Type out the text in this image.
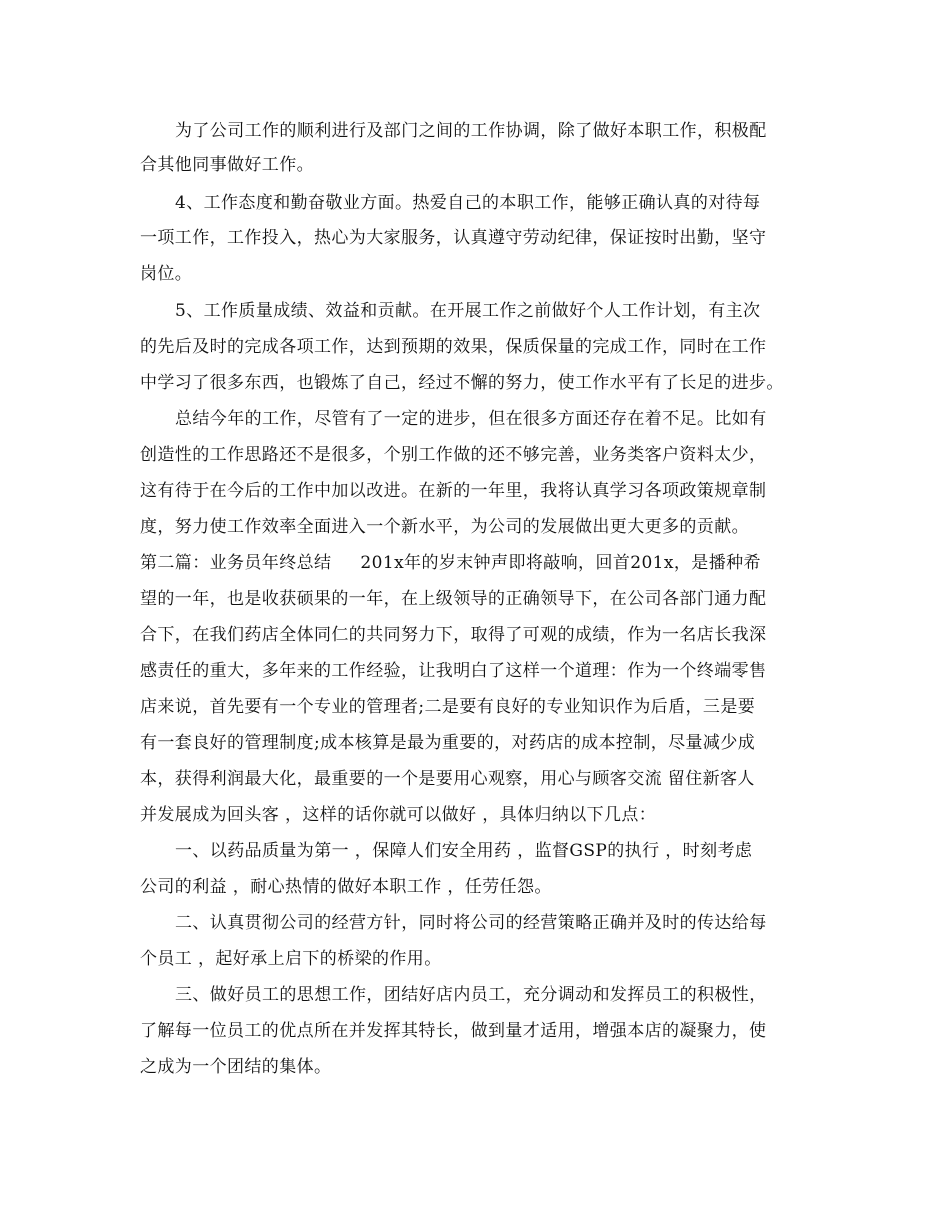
为了公司工作的顺利进行及部门之间的工作协调，除了做好本职工作，积极配
合其他同事做好工作。
4、工作态度和勤奋敬业方面。热爱自己的本职工作，能够正确认真的对待每
一项工作，工作投入，热心为大家服务，认真遵守劳动纪律，保证按时出勤，坚守
岗位。
5、工作质量成绩、效益和贡献。在开展工作之前做好个人工作计划，有主次
的先后及时的完成各项工作，达到预期的效果，保质保量的完成工作，同时在工作
中学习了很多东西，也锻炼了自己，经过不懈的努力，使工作水平有了长足的进步。
总结今年的工作，尽管有了一定的进步，但在很多方面还存在着不足。比如有
创造性的工作思路还不是很多，个别工作做的还不够完善，业务类客户资料太少，
这有待于在今后的工作中加以改进。在新的一年里，我将认真学习各项政策规章制
度，努力使工作效率全面进入一个新水平，为公司的发展做出更大更多的贡献。
第二篇：业务员年终总结     201x年的岁末钟声即将敲响，回首201x，是播种希
望的一年，也是收获硕果的一年，在上级领导的正确领导下，在公司各部门通力配
合下，在我们药店全体同仁的共同努力下，取得了可观的成绩，作为一名店长我深
感责任的重大，多年来的工作经验，让我明白了这样一个道理：作为一个终端零售
店来说，首先要有一个专业的管理者;二是要有良好的专业知识作为后盾，三是要
有一套良好的管理制度;成本核算是最为重要的，对药店的成本控制，尽量减少成
本，获得利润最大化，最重要的一个是要用心观察，用心与顾客交流 留住新客人
并发展成为回头客 ，这样的话你就可以做好 ，具体归纳以下几点：
一、以药品质量为第一 ，保障人们安全用药 ，监督GSP的执行 ，时刻考虑
公司的利益 ，耐心热情的做好本职工作 ，任劳任怨。
二、认真贯彻公司的经营方针，同时将公司的经营策略正确并及时的传达给每
个员工 ，起好承上启下的桥梁的作用。
三、做好员工的思想工作，团结好店内员工，充分调动和发挥员工的积极性，
了解每一位员工的优点所在并发挥其特长，做到量才适用，增强本店的凝聚力，使
之成为一个团结的集体。
